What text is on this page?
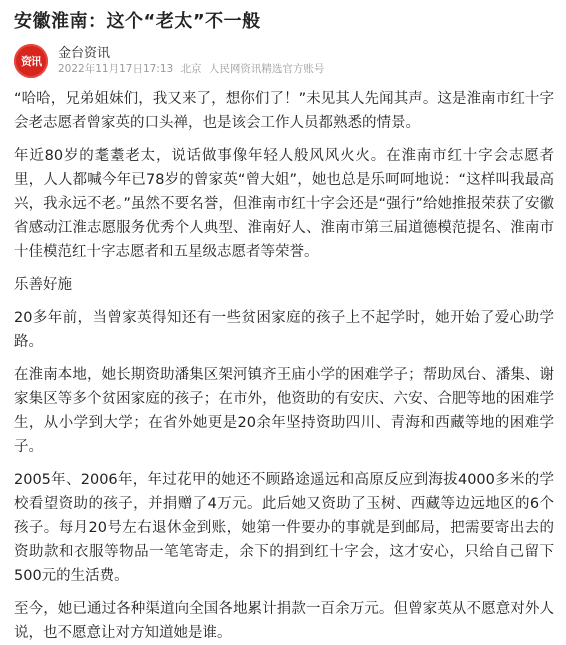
安徽淮南：这个“老太”不一般
资讯
金台资讯
2022年11月17日17:13 北京 人民网资讯精选官方账号

“哈哈，兄弟姐妹们，我又来了，想你们了！”未见其人先闻其声。这是淮南市红十字会老志愿者曾家英的口头禅，也是该会工作人员都熟悉的情景。

年近80岁的耄耋老太，说话做事像年轻人般风风火火。在淮南市红十字会志愿者里，人人都喊今年已78岁的曾家英“曾大姐”，她也总是乐呵呵地说：“这样叫我最高兴，我永远不老。”虽然不要名誉，但淮南市红十字会还是“强行”给她推报荣获了安徽省感动江淮志愿服务优秀个人典型、淮南好人、淮南市第三届道德模范提名、淮南市十佳模范红十字志愿者和五星级志愿者等荣誉。

乐善好施

20多年前，当曾家英得知还有一些贫困家庭的孩子上不起学时，她开始了爱心助学路。

在淮南本地，她长期资助潘集区架河镇齐王庙小学的困难学子；帮助凤台、潘集、谢家集区等多个贫困家庭的孩子；在市外，他资助的有安庆、六安、合肥等地的困难学生，从小学到大学；在省外她更是20余年坚持资助四川、青海和西藏等地的困难学子。

2005年、2006年，年过花甲的她还不顾路途遥远和高原反应到海拔4000多米的学校看望资助的孩子，并捐赠了4万元。此后她又资助了玉树、西藏等边远地区的6个孩子。每月20号左右退休金到账，她第一件要办的事就是到邮局，把需要寄出去的资助款和衣服等物品一笔笔寄走，余下的捐到红十字会，这才安心，只给自己留下500元的生活费。

至今，她已通过各种渠道向全国各地累计捐款一百余万元。但曾家英从不愿意对外人说，也不愿意让对方知道她是谁。
